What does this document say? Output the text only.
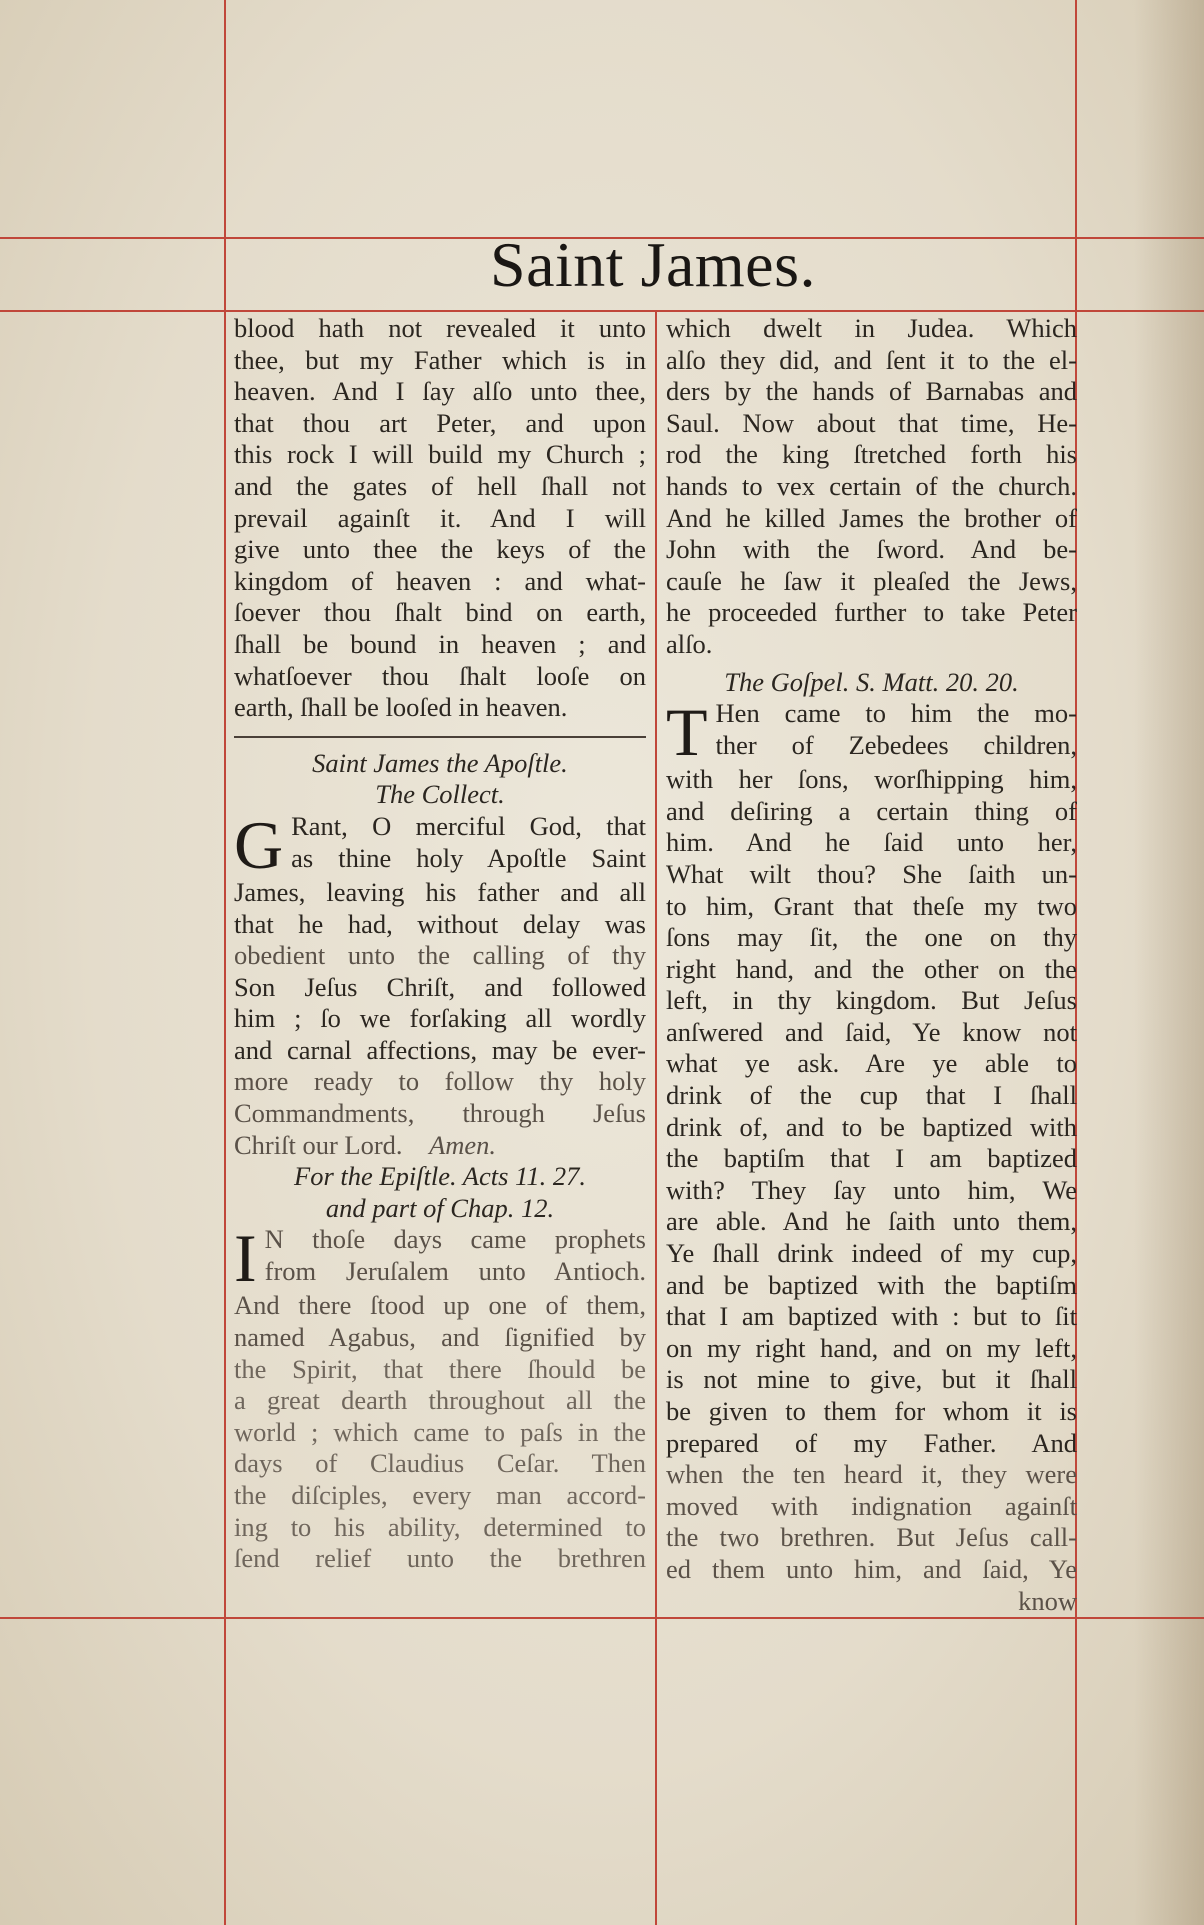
Saint James.
blood hath not revealed it unto
thee, but my Father which is in
heaven. And I ſay alſo unto thee,
that thou art Peter, and upon
this rock I will build my Church ;
and the gates of hell ſhall not
prevail againſt it. And I will
give unto thee the keys of the
kingdom of heaven : and what-
ſoever thou ſhalt bind on earth,
ſhall be bound in heaven ; and
whatſoever thou ſhalt looſe on
earth, ſhall be looſed in heaven.
Saint James the Apoſtle.
The Collect.
G Rant, O merciful God, that
as thine holy Apoſtle Saint
James, leaving his father and all
that he had, without delay was
obedient unto the calling of thy
Son Jeſus Chriſt, and followed
him ; ſo we forſaking all wordly
and carnal affections, may be ever-
more ready to follow thy holy
Commandments, through Jeſus
Chriſt our Lord. Amen.
For the Epiſtle. Acts 11. 27.
and part of Chap. 12.
I N thoſe days came prophets
from Jeruſalem unto Antioch.
And there ſtood up one of them,
named Agabus, and ſignified by
the Spirit, that there ſhould be
a great dearth throughout all the
world ; which came to paſs in the
days of Claudius Ceſar. Then
the diſciples, every man accord-
ing to his ability, determined to
ſend relief unto the brethren
which dwelt in Judea. Which
alſo they did, and ſent it to the el-
ders by the hands of Barnabas and
Saul. Now about that time, He-
rod the king ſtretched forth his
hands to vex certain of the church.
And he killed James the brother of
John with the ſword. And be-
cauſe he ſaw it pleaſed the Jews,
he proceeded further to take Peter
alſo.
The Goſpel. S. Matt. 20. 20.
T Hen came to him the mo-
ther of Zebedees children,
with her ſons, worſhipping him,
and deſiring a certain thing of
him. And he ſaid unto her,
What wilt thou? She ſaith un-
to him, Grant that theſe my two
ſons may ſit, the one on thy
right hand, and the other on the
left, in thy kingdom. But Jeſus
anſwered and ſaid, Ye know not
what ye ask. Are ye able to
drink of the cup that I ſhall
drink of, and to be baptized with
the baptiſm that I am baptized
with? They ſay unto him, We
are able. And he ſaith unto them,
Ye ſhall drink indeed of my cup,
and be baptized with the baptiſm
that I am baptized with : but to ſit
on my right hand, and on my left,
is not mine to give, but it ſhall
be given to them for whom it is
prepared of my Father. And
when the ten heard it, they were
moved with indignation againſt
the two brethren. But Jeſus call-
ed them unto him, and ſaid, Ye
know
